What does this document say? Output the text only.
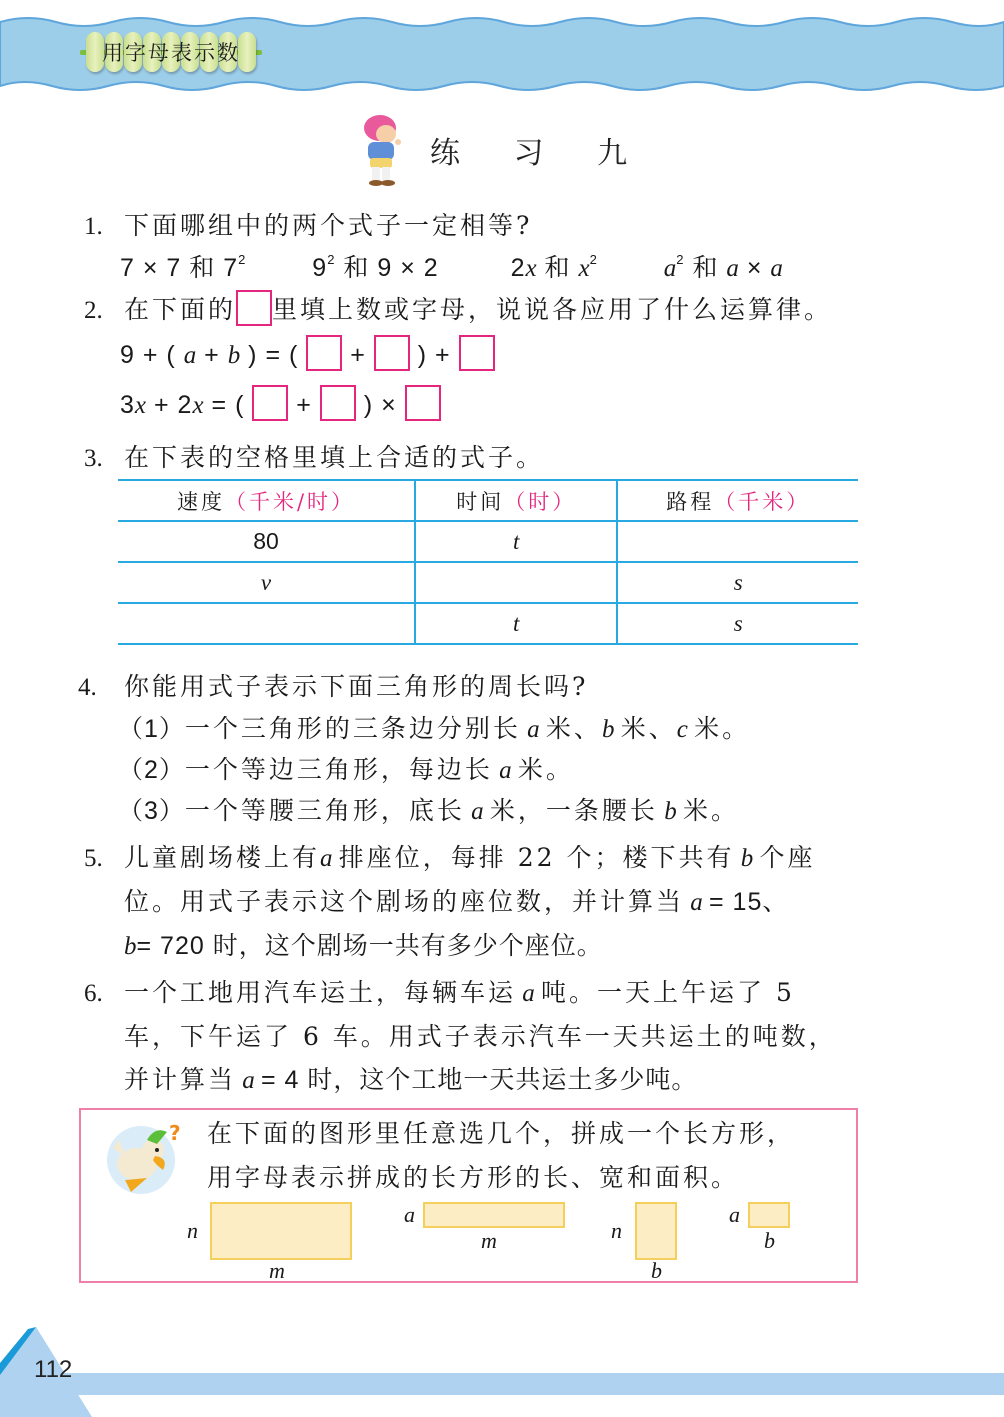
用字母表示数
练 习 九
1. 下面哪组中的两个式子一定相等?
7 × 7 和 $7^2$	$9^2$ 和 9 × 2	2x 和 $x^2$	$a^2$ 和 a × a
2. 在下面的 里填上数或字母，说说各应用了什么运算律。
9 + ( a + b ) = ( + ) +
3x + 2x = ( + ) ×
3. 在下表的空格里填上合适的式子。
速度（千米/时）	时间（时）	路程（千米）
80	t	
v		s
	t	s
4. 你能用式子表示下面三角形的周长吗?
（1）一个三角形的三条边分别长 a 米、b 米、c 米。
（2）一个等边三角形，每边长 a 米。
（3）一个等腰三角形，底长 a 米，一条腰长 b 米。
5. 儿童剧场楼上有a 排座位，每排 22 个；楼下共有 b 个座
位。用式子表示这个剧场的座位数，并计算当 a = 15、
b= 720 时，这个剧场一共有多少个座位。
6. 一个工地用汽车运土，每辆车运 a 吨。一天上午运了 5
车，下午运了 6 车。用式子表示汽车一天共运土的吨数，
并计算当 a = 4 时，这个工地一天共运土多少吨。
? 在下面的图形里任意选几个，拼成一个长方形，
用字母表示拼成的长方形的长、宽和面积。
n
m
a
m	n
b
a
b
112
